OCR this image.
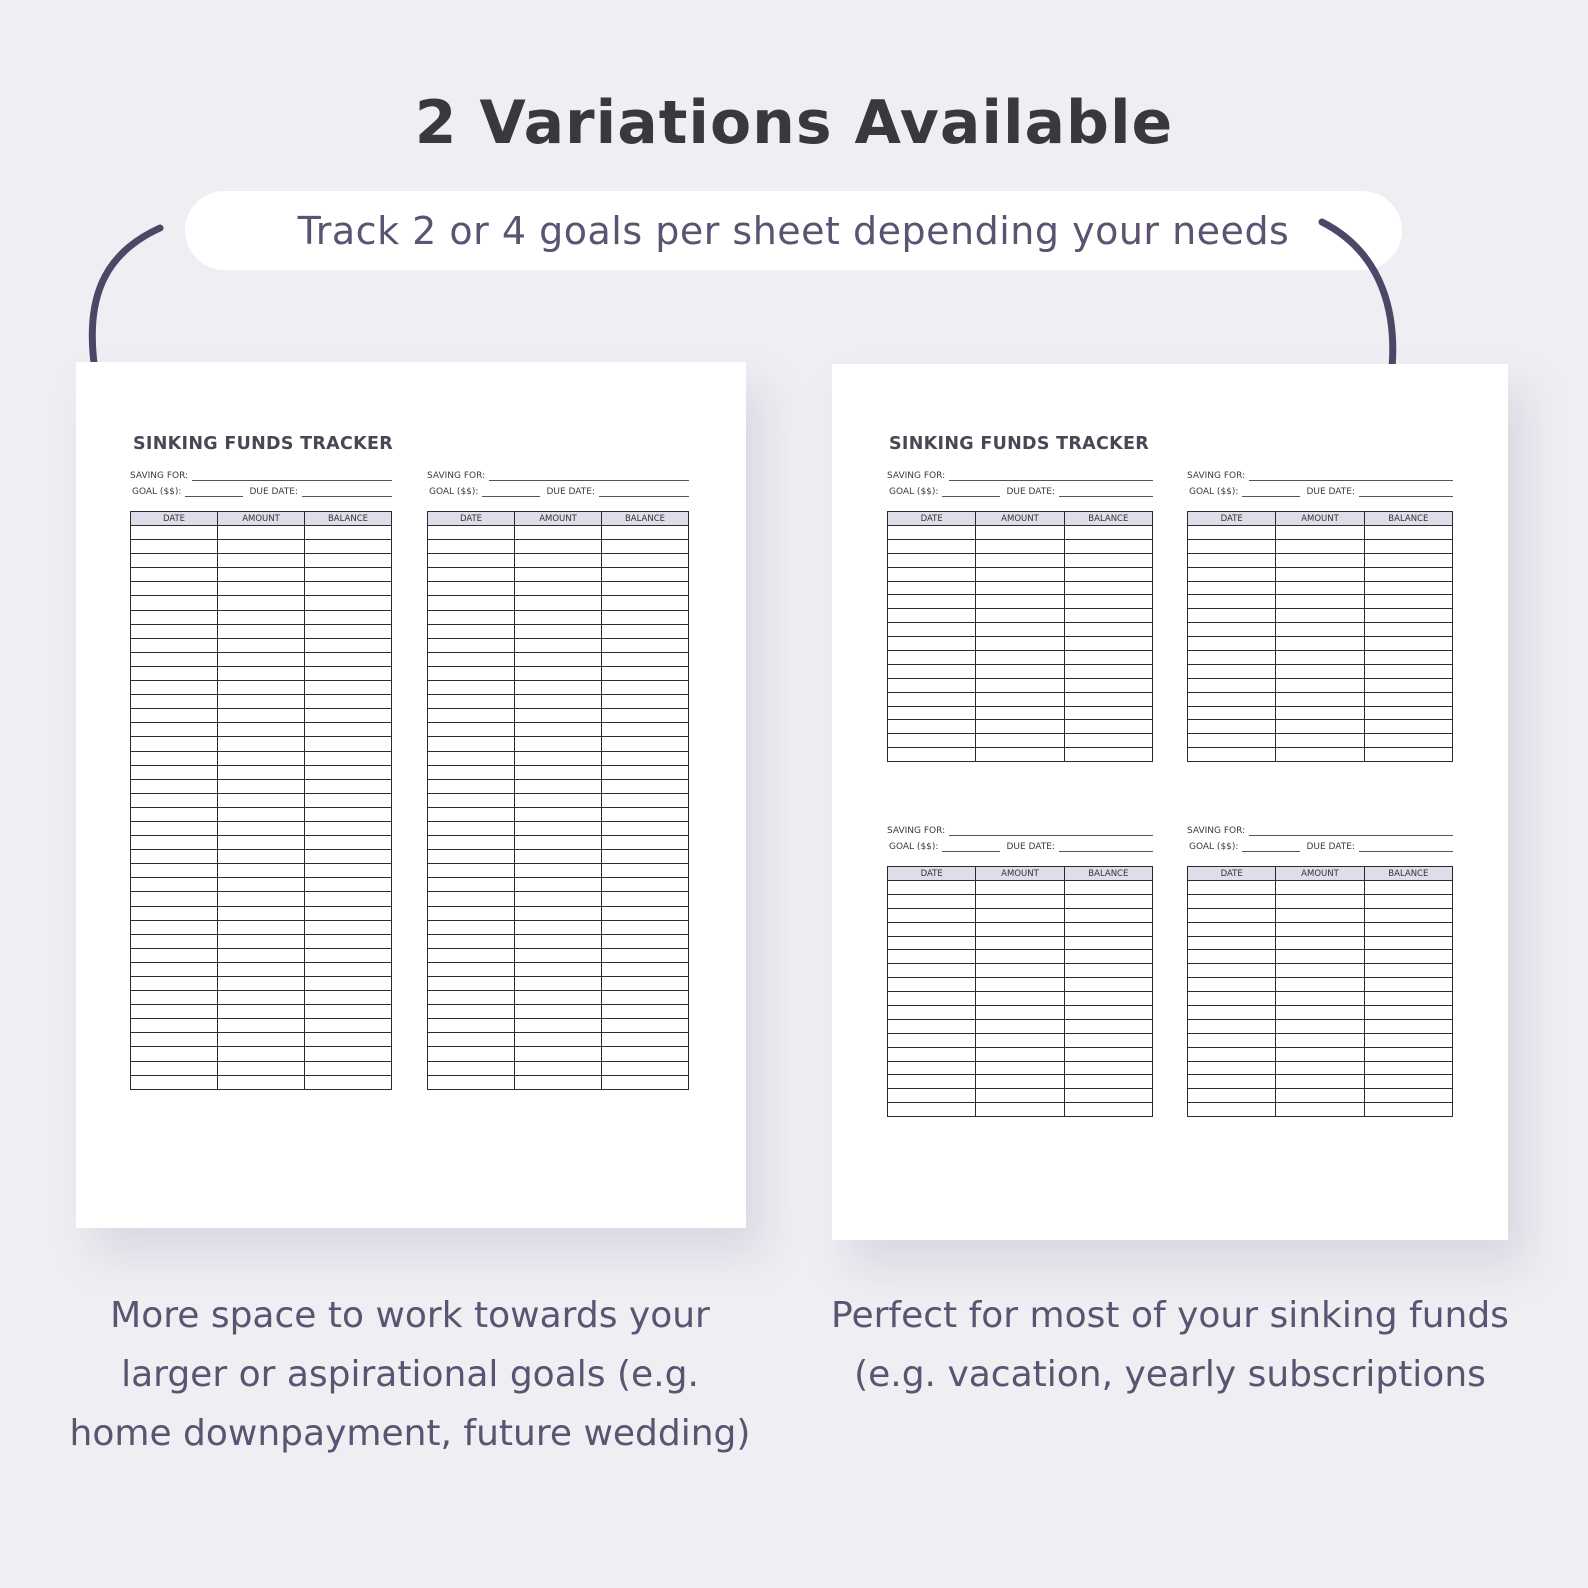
2 Variations Available
Track 2 or 4 goals per sheet depending your needs
SINKING FUNDS TRACKER
SAVING FOR:
GOAL ($$):	DUE DATE:
DATE	AMOUNT	BALANCE

SAVING FOR:
GOAL ($$):	DUE DATE:
DATE	AMOUNT	BALANCE

SINKING FUNDS TRACKER
SAVING FOR:
GOAL ($$):	DUE DATE:
DATE	AMOUNT	BALANCE

SAVING FOR:
GOAL ($$):	DUE DATE:
DATE	AMOUNT	BALANCE

SAVING FOR:
GOAL ($$):	DUE DATE:
DATE	AMOUNT	BALANCE

SAVING FOR:
GOAL ($$):	DUE DATE:
DATE	AMOUNT	BALANCE

More space to work towards your
larger or aspirational goals (e.g.
home downpayment, future wedding)
Perfect for most of your sinking funds
(e.g. vacation, yearly subscriptions
